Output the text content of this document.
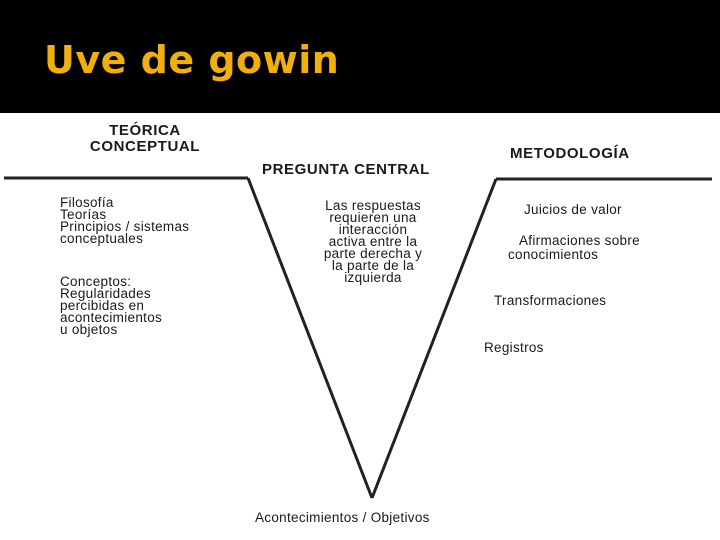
Uve de gowin
TEÓRICA
CONCEPTUAL
PREGUNTA CENTRAL
METODOLOGÍA
Filosofía
Teorías
Principios / sistemas
conceptuales
Conceptos:
Regularidades
percibidas en
acontecimientos
u objetos
Las respuestas
requieren una
interacción
activa entre la
parte derecha y
la parte de la
izquierda
Juicios de valor
Afirmaciones sobre
conocimientos
Transformaciones
Registros
Acontecimientos / Objetivos
